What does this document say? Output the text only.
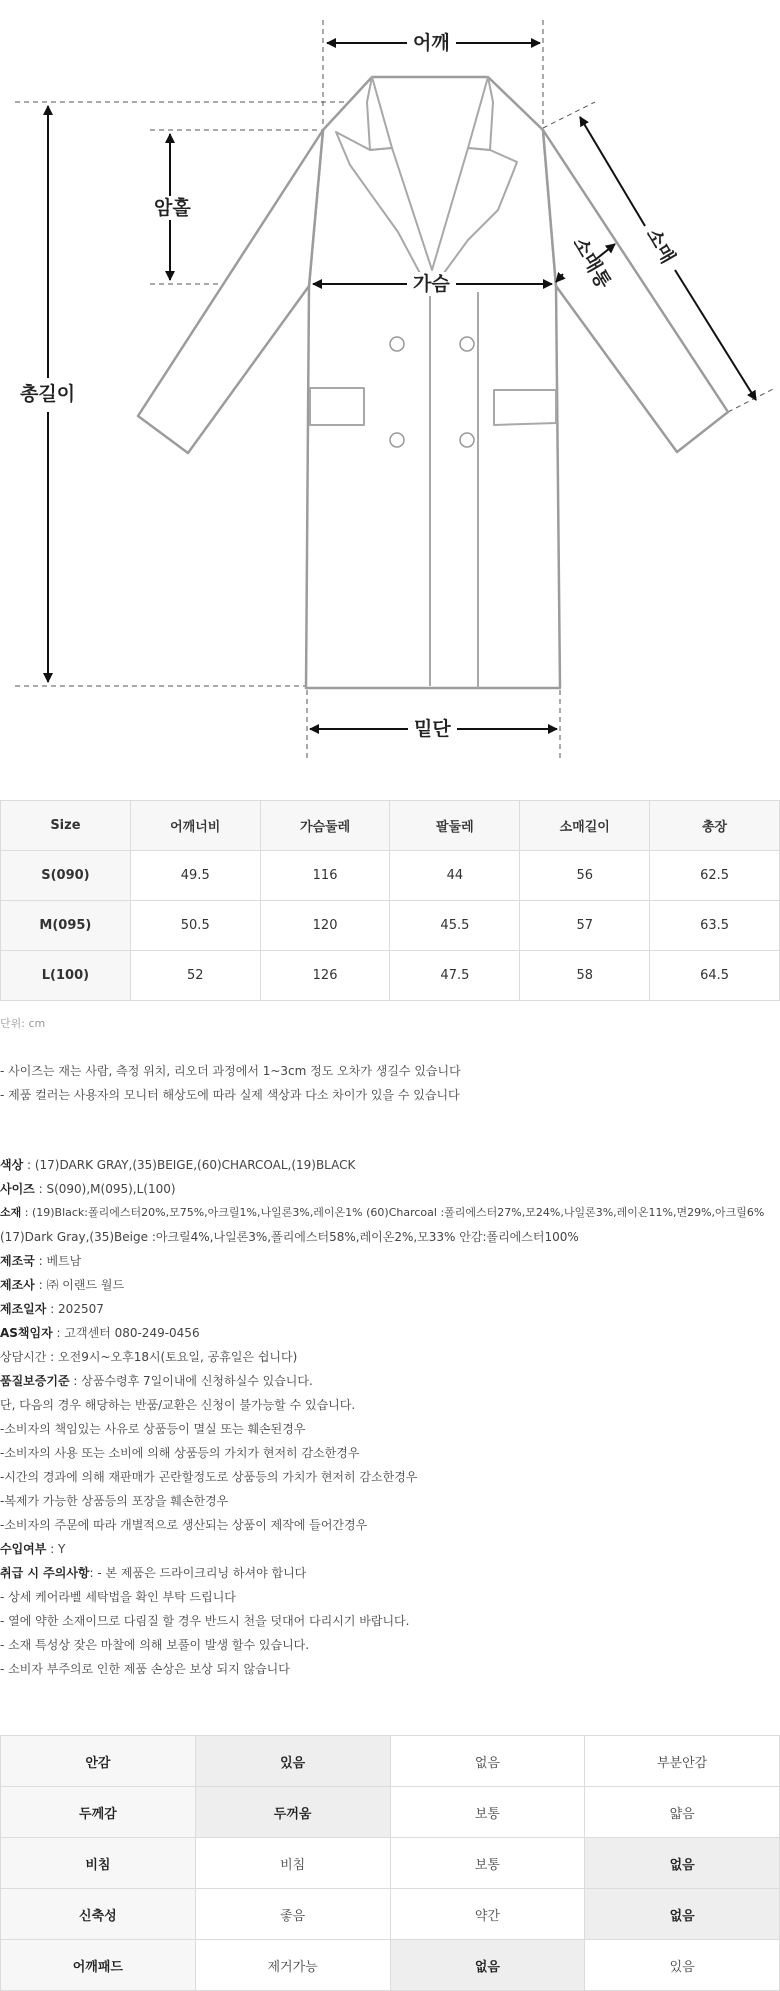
어깨
암홀
가슴
총길이
소매
소매통
밑단
Size	어깨너비	가슴둘레	팔둘레	소매길이	총장
S(090)	49.5	116	44	56	62.5
M(095)	50.5	120	45.5	57	63.5
L(100)	52	126	47.5	58	64.5
단위: cm
- 사이즈는 재는 사람, 측정 위치, 리오더 과정에서 1~3cm 정도 오차가 생길수 있습니다
- 제품 컬러는 사용자의 모니터 해상도에 따라 실제 색상과 다소 차이가 있을 수 있습니다
색상 : (17)DARK GRAY,(35)BEIGE,(60)CHARCOAL,(19)BLACK
사이즈 : S(090),M(095),L(100)
소재 : (19)Black:폴리에스터20%,모75%,아크릴1%,나일론3%,레이온1% (60)Charcoal :폴리에스터27%,모24%,나일론3%,레이온11%,면29%,아크릴6%
(17)Dark Gray,(35)Beige :아크릴4%,나일론3%,폴리에스터58%,레이온2%,모33% 안감:폴리에스터100%
제조국 : 베트남
제조사 : ㈜ 이랜드 월드
제조일자 : 202507
AS책임자 : 고객센터 080-249-0456
상담시간 : 오전9시~오후18시(토요일, 공휴일은 쉽니다)
품질보증기준 : 상품수령후 7일이내에 신청하실수 있습니다.
단, 다음의 경우 해당하는 반품/교환은 신청이 불가능할 수 있습니다.
-소비자의 책임있는 사유로 상품등이 멸실 또는 훼손된경우
-소비자의 사용 또는 소비에 의해 상품등의 가치가 현저히 감소한경우
-시간의 경과에 의해 재판매가 곤란할정도로 상품등의 가치가 현저히 감소한경우
-복제가 가능한 상품등의 포장을 훼손한경우
-소비자의 주문에 따라 개별적으로 생산되는 상품이 제작에 들어간경우
수입여부 : Y
취급 시 주의사항: - 본 제품은 드라이크리닝 하셔야 합니다
- 상세 케어라벨 세탁법을 확인 부탁 드립니다
- 열에 약한 소재이므로 다림질 할 경우 반드시 천을 덧대어 다리시기 바랍니다.
- 소재 특성상 잦은 마찰에 의해 보풀이 발생 할수 있습니다.
- 소비자 부주의로 인한 제품 손상은 보상 되지 않습니다
안감	있음	없음	부분안감
두께감	두꺼움	보통	얇음
비침	비침	보통	없음
신축성	좋음	약간	없음
어깨패드	제거가능	없음	있음
